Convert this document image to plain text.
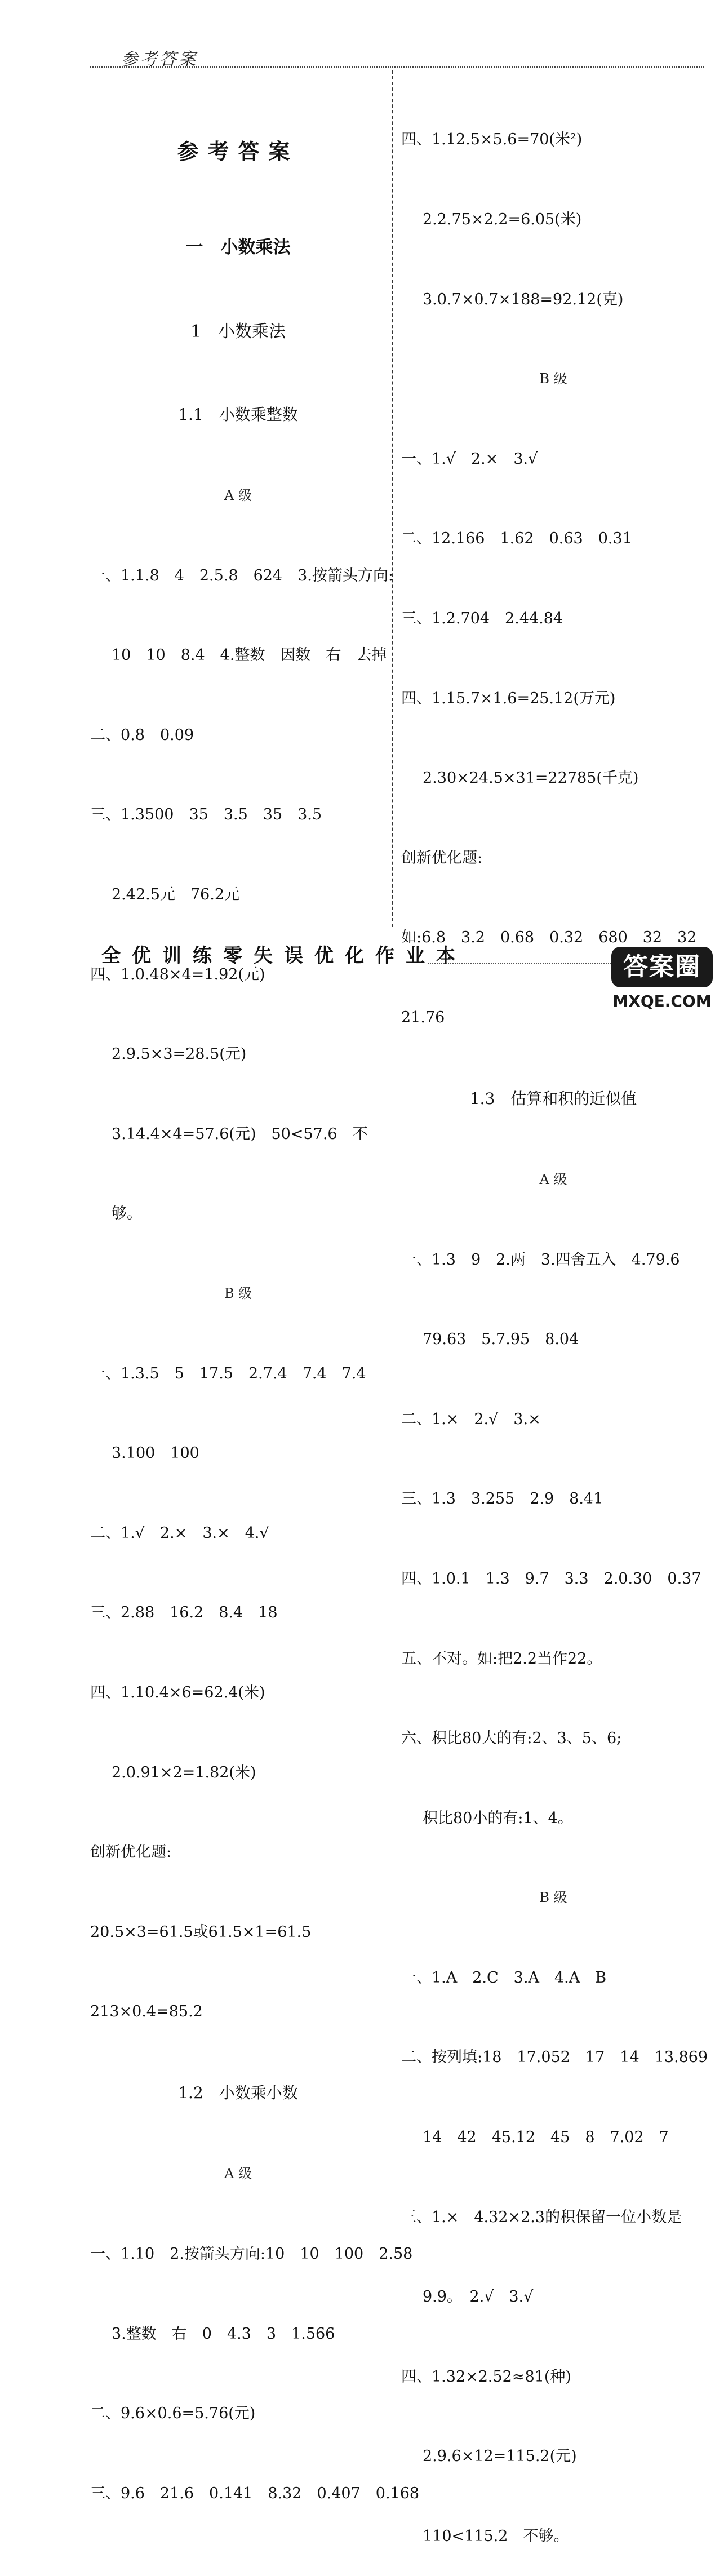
参考答案

参考答案

一　小数乘法

1　小数乘法

1.1　小数乘整数

A 级

一、1.1.8　4　2.5.8　624　3.按箭头方向:

10　10　8.4　4.整数　因数　右　去掉

二、0.8　0.09

三、1.3500　35　3.5　35　3.5

2.42.5元　76.2元

四、1.0.48×4=1.92(元)

2.9.5×3=28.5(元)

3.14.4×4=57.6(元)　50<57.6　不

够。

B 级

一、1.3.5　5　17.5　2.7.4　7.4　7.4

3.100　100

二、1.√　2.×　3.×　4.√

三、2.88　16.2　8.4　18

四、1.10.4×6=62.4(米)

2.0.91×2=1.82(米)

创新优化题:

20.5×3=61.5或61.5×1=61.5

213×0.4=85.2

1.2　小数乘小数

A 级

一、1.10　2.按箭头方向:10　10　100　2.58

3.整数　右　0　4.3　3　1.566

二、9.6×0.6=5.76(元)

三、9.6　21.6　0.141　8.32　0.407　0.168

四、1.12.5×5.6=70(米²)

2.2.75×2.2=6.05(米)

3.0.7×0.7×188=92.12(克)

B 级

一、1.√　2.×　3.√

二、12.166　1.62　0.63　0.31

三、1.2.704　2.44.84

四、1.15.7×1.6=25.12(万元)

2.30×24.5×31=22785(千克)

创新优化题:

如:6.8　3.2　0.68　0.32　680　32　32

21.76

1.3　估算和积的近似值

A 级

一、1.3　9　2.两　3.四舍五入　4.79.6

79.63　5.7.95　8.04

二、1.×　2.√　3.×

三、1.3　3.255　2.9　8.41

四、1.0.1　1.3　9.7　3.3　2.0.30　0.37

五、不对。如:把2.2当作22。

六、积比80大的有:2、3、5、6;

积比80小的有:1、4。

B 级

一、1.A　2.C　3.A　4.A　B

二、按列填:18　17.052　17　14　13.869

14　42　45.12　45　8　7.02　7

三、1.×　4.32×2.3的积保留一位小数是

9.9。　2.√　3.√

四、1.32×2.52≈81(种)

2.9.6×12=115.2(元)

110<115.2　不够。

全优训练零失误优化作业本	答案圈
MXQE.COM
